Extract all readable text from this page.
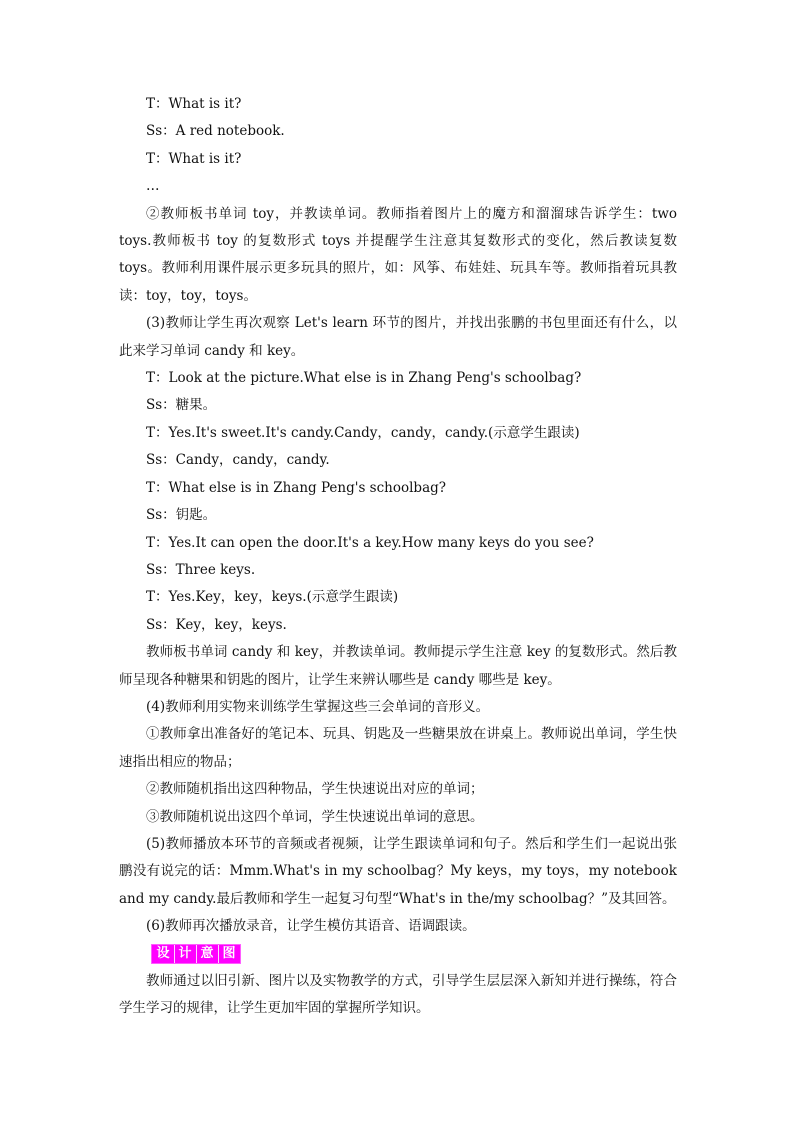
T：What is it?
Ss：A red notebook.
T：What is it?
…

②教师板书单词 toy，并教读单词。教师指着图片上的魔方和溜溜球告诉学生：two toys.教师板书 toy 的复数形式 toys 并提醒学生注意其复数形式的变化，然后教读复数 toys。教师利用课件展示更多玩具的照片，如：风筝、布娃娃、玩具车等。教师指着玩具教读：toy，toy，toys。

(3)教师让学生再次观察 Let's learn 环节的图片，并找出张鹏的书包里面还有什么，以此来学习单词 candy 和 key。

T：Look at the picture.What else is in Zhang Peng's schoolbag?
Ss：糖果。
T：Yes.It's sweet.It's candy.Candy，candy，candy.(示意学生跟读)
Ss：Candy，candy，candy.
T：What else is in Zhang Peng's schoolbag?
Ss：钥匙。
T：Yes.It can open the door.It's a key.How many keys do you see?
Ss：Three keys.
T：Yes.Key，key，keys.(示意学生跟读)
Ss：Key，key，keys.

教师板书单词 candy 和 key，并教读单词。教师提示学生注意 key 的复数形式。然后教师呈现各种糖果和钥匙的图片，让学生来辨认哪些是 candy 哪些是 key。

(4)教师利用实物来训练学生掌握这些三会单词的音形义。

①教师拿出准备好的笔记本、玩具、钥匙及一些糖果放在讲桌上。教师说出单词，学生快速指出相应的物品；

②教师随机指出这四种物品，学生快速说出对应的单词；

③教师随机说出这四个单词，学生快速说出单词的意思。

(5)教师播放本环节的音频或者视频，让学生跟读单词和句子。然后和学生们一起说出张鹏没有说完的话：Mmm.What's in my schoolbag？My keys，my toys，my notebook and my candy.最后教师和学生一起复习句型“What's in the/my schoolbag？”及其回答。

(6)教师再次播放录音，让学生模仿其语音、语调跟读。

设 计 意 图

教师通过以旧引新、图片以及实物教学的方式，引导学生层层深入新知并进行操练，符合学生学习的规律，让学生更加牢固的掌握所学知识。
